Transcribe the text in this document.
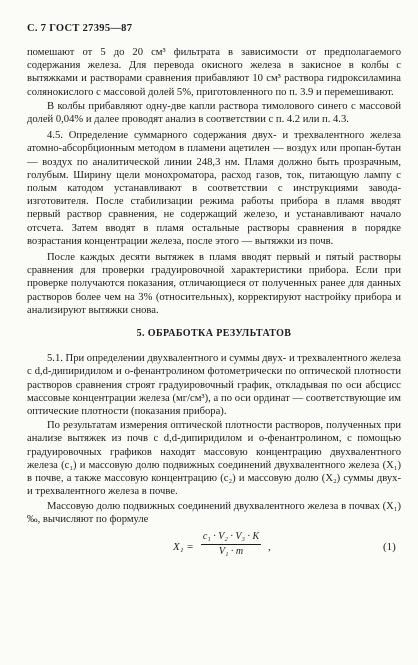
С. 7 ГОСТ 27395—87

помешают от 5 до 20 см³ фильтрата в зависимости от предполагаемого содержания железа. Для перевода окисного железа в закисное в колбы с вытяжками и растворами сравнения прибавляют 10 см³ раствора гидроксиламина солянокислого с массовой долей 5%, приготовленного по п. 3.9 и перемешивают.

В колбы прибавляют одну-две капли раствора тимолового синего с массовой долей 0,04% и далее проводят анализ в соответствии с п. 4.2 или п. 4.3.

4.5. Определение суммарного содержания двух- и трехвалентного железа атомно-абсорбционным методом в пламени ацетилен — воздух или пропан-бутан — воздух по аналитической линии 248,3 нм. Пламя должно быть прозрачным, голубым. Ширину щели монохроматора, расход газов, ток, питающую лампу с полым катодом устанавливают в соответствии с инструкциями завода-изготовителя. После стабилизации режима работы прибора в пламя вводят первый раствор сравнения, не содержащий железо, и устанавливают начало отсчета. Затем вводят в пламя остальные растворы сравнения в порядке возрастания концентрации железа, после этого — вытяжки из почв.

После каждых десяти вытяжек в пламя вводят первый и пятый растворы сравнения для проверки градуировочной характеристики прибора. Если при проверке получаются показания, отличающиеся от полученных ранее для данных растворов более чем на 3% (относительных), корректируют настройку прибора и анализируют вытяжки снова.

5. ОБРАБОТКА РЕЗУЛЬТАТОВ

5.1. При определении двухвалентного и суммы двух- и трехвалентного железа с d,d-дипиридилом и о-фенантролином фотометрически по оптической плотности растворов сравнения строят градуировочный график, откладывая по оси абсцисс массовые концентрации железа (мг/см³), а по оси ординат — соответствующие им оптические плотности (показания прибора).

По результатам измерения оптической плотности растворов, полученных при анализе вытяжек из почв с d,d-дипиридилом и о-фенантролином, с помощью градуировочных графиков находят массовую концентрацию двухвалентного железа (c₁) и массовую долю подвижных соединений двухвалентного железа (X₁) в почве, а также массовую концентрацию (c₂) и массовую долю (X₂) суммы двух- и трехвалентного железа в почве.

Массовую долю подвижных соединений двухвалентного железа в почвах (X₁) ‰, вычисляют по формуле

X₁ =
c₁ · V₂ · V₃ · K
V₁ · m	,	(1)
